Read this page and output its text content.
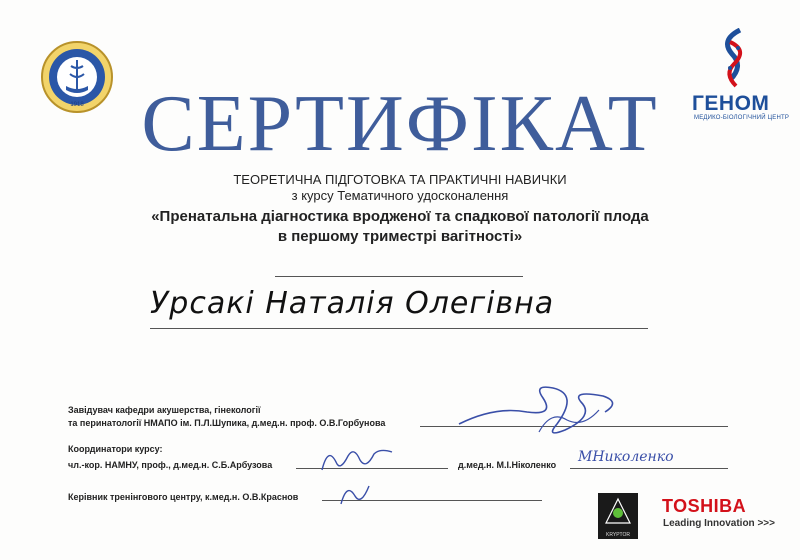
1918	ГЕНОМ
МЕДИКО-БІОЛОГІЧНИЙ ЦЕНТР
СЕРТИФІКАТ
ТЕОРЕТИЧНА ПІДГОТОВКА ТА ПРАКТИЧНІ НАВИЧКИ
з курсу Тематичного удосконалення
«Пренатальна діагностика вродженої та спадкової патології плода
в першому триместрі вагітності»
Урсакі Наталія Олегівна
Завідувач кафедри акушерства, гінекології
та перинатології НМАПО ім. П.Л.Шупика, д.мед.н. проф. О.В.Горбунова
Координатори курсу:
чл.-кор. НАМНУ, проф., д.мед.н. С.Б.Арбузова	д.мед.н. М.І.Ніколенко МНиколенко
Керівник тренінгового центру, к.мед.н. О.В.Краснов
KRYPTOR
TOSHIBA
Leading Innovation >>>
